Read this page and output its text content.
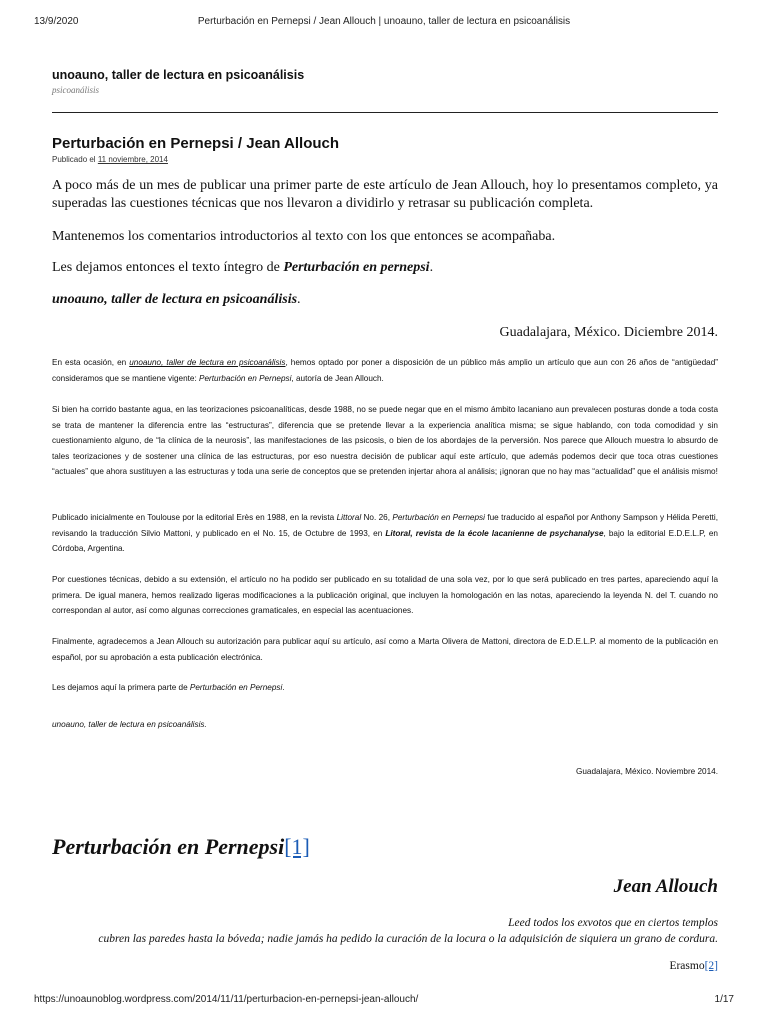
13/9/2020	Perturbación en Pernepsi / Jean Allouch | unoauno, taller de lectura en psicoanálisis
unoauno, taller de lectura en psicoanálisis
psicoanálisis
Perturbación en Pernepsi / Jean Allouch
Publicado el 11 noviembre, 2014

A poco más de un mes de publicar una primer parte de este artículo de Jean Allouch, hoy lo presentamos completo, ya superadas las cuestiones técnicas que nos llevaron a dividirlo y retrasar su publicación completa.

Mantenemos los comentarios introductorios al texto con los que entonces se acompañaba.

Les dejamos entonces el texto íntegro de Perturbación en pernepsi.

unoauno, taller de lectura en psicoanálisis.

Guadalajara, México. Diciembre 2014.

En esta ocasión, en unoauno, taller de lectura en psicoanálisis, hemos optado por poner a disposición de un público más amplio un artículo que aun con 26 años de “antigüedad” consideramos que se mantiene vigente: Perturbación en Pernepsi, autoría de Jean Allouch.

Si bien ha corrido bastante agua, en las teorizaciones psicoanalíticas, desde 1988, no se puede negar que en el mismo ámbito lacaniano aun prevalecen posturas donde a toda costa se trata de mantener la diferencia entre las “estructuras”, diferencia que se pretende llevar a la experiencia analítica misma; se sigue hablando, con toda comodidad y sin cuestionamiento alguno, de “la clínica de la neurosis”, las manifestaciones de las psicosis, o bien de los abordajes de la perversión. Nos parece que Allouch muestra lo absurdo de tales teorizaciones y de sostener una clínica de las estructuras, por eso nuestra decisión de publicar aquí este artículo, que además podemos decir que toca otras cuestiones “actuales” que ahora sustituyen a las estructuras y toda una serie de conceptos que se pretenden injertar ahora al análisis; ¡ignoran que no hay mas “actualidad” que el análisis mismo!

Publicado inicialmente en Toulouse por la editorial Erès en 1988, en la revista Littoral No. 26, Perturbación en Pernepsi fue traducido al español por Anthony Sampson y Hélida Peretti, revisando la traducción Silvio Mattoni, y publicado en el No. 15, de Octubre de 1993, en Litoral, revista de la école lacanienne de psychanalyse, bajo la editorial E.D.E.L.P, en Córdoba, Argentina.

Por cuestiones técnicas, debido a su extensión, el artículo no ha podido ser publicado en su totalidad de una sola vez, por lo que será publicado en tres partes, apareciendo aquí la primera. De igual manera, hemos realizado ligeras modificaciones a la publicación original, que incluyen la homologación en las notas, apareciendo la leyenda N. del T. cuando no correspondan al autor, así como algunas correcciones gramaticales, en especial las acentuaciones.

Finalmente, agradecemos a Jean Allouch su autorización para publicar aquí su artículo, así como a Marta Olivera de Mattoni, directora de E.D.E.L.P. al momento de la publicación en español, por su aprobación a esta publicación electrónica.

Les dejamos aquí la primera parte de Perturbación en Pernepsi.

unoauno, taller de lectura en psicoanálisis.

Guadalajara, México. Noviembre 2014.

Perturbación en Pernepsi[1]
Jean Allouch
Leed todos los exvotos que en ciertos templos
cubren las paredes hasta la bóveda; nadie jamás ha pedido la curación de la locura o la adquisición de siquiera un grano de cordura.
Erasmo[2]
https://unoaunoblog.wordpress.com/2014/11/11/perturbacion-en-pernepsi-jean-allouch/	1/17
